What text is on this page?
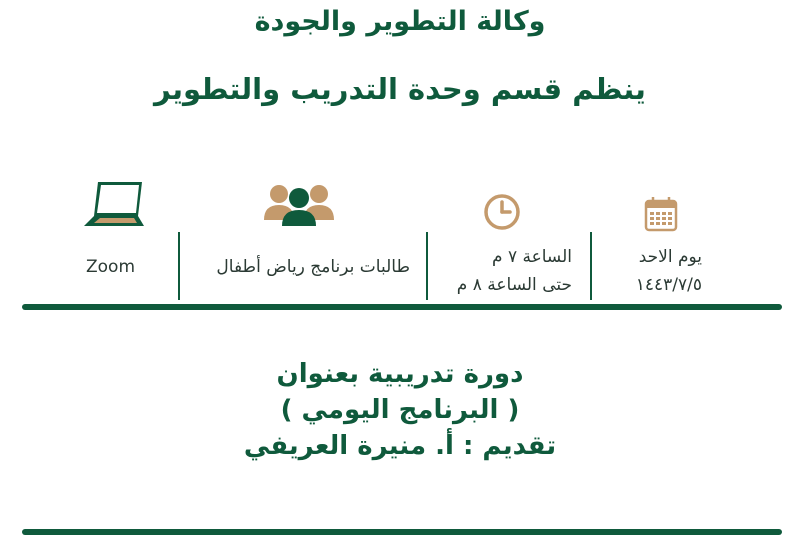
وكالة التطوير والجودة
ينظم قسم وحدة التدريب والتطوير
Zoom	طالبات برنامج رياض أطفال	الساعة ٧ م
حتى الساعة ٨ م
يوم الاحد
١٤٤٣/٧/٥
دورة تدريبية بعنوان
( البرنامج اليومي )
تقديم : أ. منيرة العريفي
